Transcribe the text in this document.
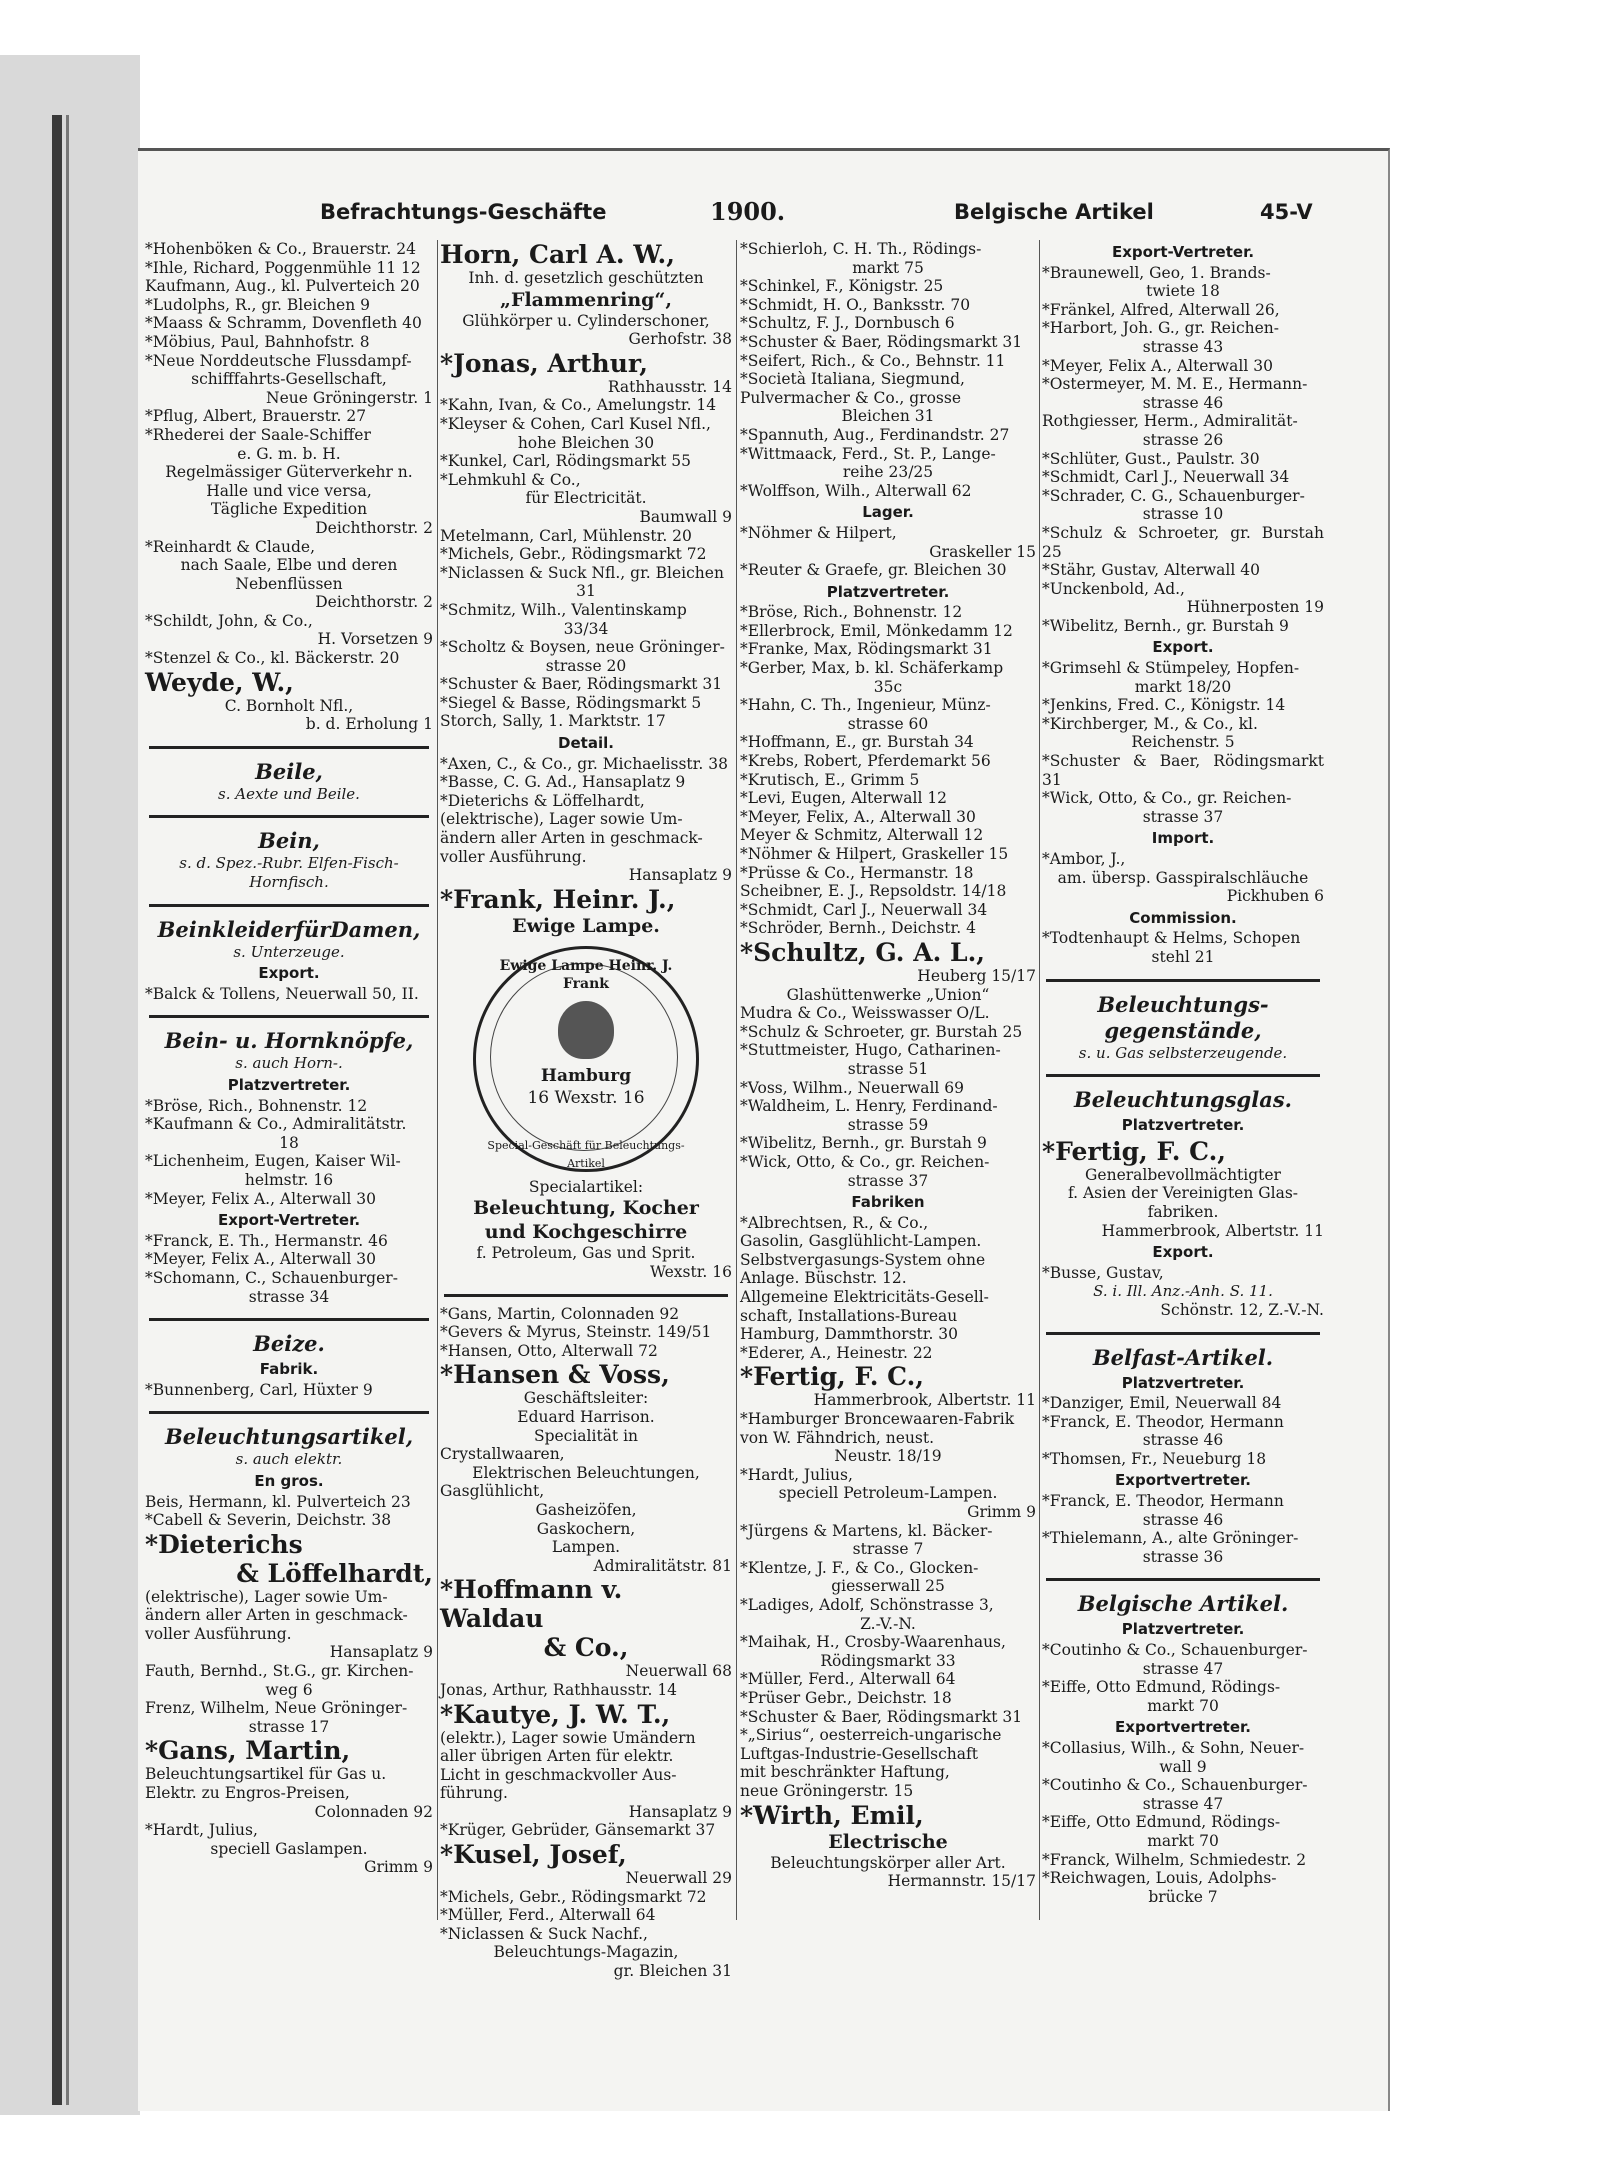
Befrachtungs-Geschäfte	1900.	Belgische Artikel	45-V
*Hohenböken & Co., Brauerstr. 24
*Ihle, Richard, Poggenmühle 11 12
Kaufmann, Aug., kl. Pulverteich 20
*Ludolphs, R., gr. Bleichen 9
*Maass & Schramm, Dovenfleth 40
*Möbius, Paul, Bahnhofstr. 8
*Neue Norddeutsche Flussdampf-
schifffahrts-Gesellschaft,
Neue Gröningerstr. 1
*Pflug, Albert, Brauerstr. 27
*Rhederei der Saale-Schiffer
e. G. m. b. H.
Regelmässiger Güterverkehr n.
Halle und vice versa,
Tägliche Expedition
Deichthorstr. 2
*Reinhardt & Claude,
nach Saale, Elbe und deren
Nebenflüssen
Deichthorstr. 2
*Schildt, John, & Co.,
H. Vorsetzen 9
*Stenzel & Co., kl. Bäckerstr. 20
Weyde, W.,
C. Bornholt Nfl.,
b. d. Erholung 1
Beile,
s. Aexte und Beile.
Bein,
s. d. Spez.-Rubr. Elfen-Fisch-
Hornfisch.
BeinkleiderfürDamen,
s. Unterzeuge.
Export.
*Balck & Tollens, Neuerwall 50, II.
Bein- u. Hornknöpfe,
s. auch Horn-.
Platzvertreter.
*Bröse, Rich., Bohnenstr. 12
*Kaufmann & Co., Admiralitätstr.
18
*Lichenheim, Eugen, Kaiser Wil-
helmstr. 16
*Meyer, Felix A., Alterwall 30
Export-Vertreter.
*Franck, E. Th., Hermanstr. 46
*Meyer, Felix A., Alterwall 30
*Schomann, C., Schauenburger-
strasse 34
Beize.
Fabrik.
*Bunnenberg, Carl, Hüxter 9
Beleuchtungsartikel,
s. auch elektr.
En gros.
Beis, Hermann, kl. Pulverteich 23
*Cabell & Severin, Deichstr. 38
*Dieterichs
& Löffelhardt,
(elektrische), Lager sowie Um-
ändern aller Arten in geschmack-
voller Ausführung.
Hansaplatz 9
Fauth, Bernhd., St.G., gr. Kirchen-
weg 6
Frenz, Wilhelm, Neue Gröninger-
strasse 17
*Gans, Martin,
Beleuchtungsartikel für Gas u.
Elektr. zu Engros-Preisen,
Colonnaden 92
*Hardt, Julius,
speciell Gaslampen.
Grimm 9
Horn, Carl A. W.,
Inh. d. gesetzlich geschützten
„Flammenring“,
Glühkörper u. Cylinderschoner,
Gerhofstr. 38
*Jonas, Arthur,
Rathhausstr. 14
*Kahn, Ivan, & Co., Amelungstr. 14
*Kleyser & Cohen, Carl Kusel Nfl.,
hohe Bleichen 30
*Kunkel, Carl, Rödingsmarkt 55
*Lehmkuhl & Co.,
für Electricität.
Baumwall 9
Metelmann, Carl, Mühlenstr. 20
*Michels, Gebr., Rödingsmarkt 72
*Niclassen & Suck Nfl., gr. Bleichen
31
*Schmitz, Wilh., Valentinskamp
33/34
*Scholtz & Boysen, neue Gröninger-
strasse 20
*Schuster & Baer, Rödingsmarkt 31
*Siegel & Basse, Rödingsmarkt 5
Storch, Sally, 1. Marktstr. 17
Detail.
*Axen, C., & Co., gr. Michaelisstr. 38
*Basse, C. G. Ad., Hansaplatz 9
*Dieterichs & Löffelhardt,
(elektrische), Lager sowie Um-
ändern aller Arten in geschmack-
voller Ausführung.
Hansaplatz 9
*Frank, Heinr. J.,
Ewige Lampe.
Ewige Lampe Heinr. J. Frank
Hamburg
16 Wexstr. 16
Special-Geschäft für Beleuchtungs-Artikel
Specialartikel:
Beleuchtung, Kocher
und Kochgeschirre
f. Petroleum, Gas und Sprit.
Wexstr. 16
*Gans, Martin, Colonnaden 92
*Gevers & Myrus, Steinstr. 149/51
*Hansen, Otto, Alterwall 72
*Hansen & Voss,
Geschäftsleiter:
Eduard Harrison.
Specialität in
Crystallwaaren,
Elektrischen Beleuchtungen,
Gasglühlicht,
Gasheizöfen,
Gaskochern,
Lampen.
Admiralitätstr. 81
*Hoffmann v. Waldau
& Co.,
Neuerwall 68
Jonas, Arthur, Rathhausstr. 14
*Kautye, J. W. T.,
(elektr.), Lager sowie Umändern
aller übrigen Arten für elektr.
Licht in geschmackvoller Aus-
führung.
Hansaplatz 9
*Krüger, Gebrüder, Gänsemarkt 37
*Kusel, Josef,
Neuerwall 29
*Michels, Gebr., Rödingsmarkt 72
*Müller, Ferd., Alterwall 64
*Niclassen & Suck Nachf.,
Beleuchtungs-Magazin,
gr. Bleichen 31
*Schierloh, C. H. Th., Rödings-
markt 75
*Schinkel, F., Königstr. 25
*Schmidt, H. O., Banksstr. 70
*Schultz, F. J., Dornbusch 6
*Schuster & Baer, Rödingsmarkt 31
*Seifert, Rich., & Co., Behnstr. 11
*Società Italiana, Siegmund,
Pulvermacher & Co., grosse
Bleichen 31
*Spannuth, Aug., Ferdinandstr. 27
*Wittmaack, Ferd., St. P., Lange-
reihe 23/25
*Wolffson, Wilh., Alterwall 62
Lager.
*Nöhmer & Hilpert,
Graskeller 15
*Reuter & Graefe, gr. Bleichen 30
Platzvertreter.
*Bröse, Rich., Bohnenstr. 12
*Ellerbrock, Emil, Mönkedamm 12
*Franke, Max, Rödingsmarkt 31
*Gerber, Max, b. kl. Schäferkamp
35c
*Hahn, C. Th., Ingenieur, Münz-
strasse 60
*Hoffmann, E., gr. Burstah 34
*Krebs, Robert, Pferdemarkt 56
*Krutisch, E., Grimm 5
*Levi, Eugen, Alterwall 12
*Meyer, Felix, A., Alterwall 30
Meyer & Schmitz, Alterwall 12
*Nöhmer & Hilpert, Graskeller 15
*Prüsse & Co., Hermanstr. 18
Scheibner, E. J., Repsoldstr. 14/18
*Schmidt, Carl J., Neuerwall 34
*Schröder, Bernh., Deichstr. 4
*Schultz, G. A. L.,
Heuberg 15/17
Glashüttenwerke „Union“
Mudra & Co., Weisswasser O/L.
*Schulz & Schroeter, gr. Burstah 25
*Stuttmeister, Hugo, Catharinen-
strasse 51
*Voss, Wilhm., Neuerwall 69
*Waldheim, L. Henry, Ferdinand-
strasse 59
*Wibelitz, Bernh., gr. Burstah 9
*Wick, Otto, & Co., gr. Reichen-
strasse 37
Fabriken
*Albrechtsen, R., & Co.,
Gasolin, Gasglühlicht-Lampen.
Selbstvergasungs-System ohne
Anlage. Büschstr. 12.
Allgemeine Elektricitäts-Gesell-
schaft, Installations-Bureau
Hamburg, Dammthorstr. 30
*Ederer, A., Heinestr. 22
*Fertig, F. C.,
Hammerbrook, Albertstr. 11
*Hamburger Broncewaaren-Fabrik
von W. Fähndrich, neust.
Neustr. 18/19
*Hardt, Julius,
speciell Petroleum-Lampen.
Grimm 9
*Jürgens & Martens, kl. Bäcker-
strasse 7
*Klentze, J. F., & Co., Glocken-
giesserwall 25
*Ladiges, Adolf, Schönstrasse 3,
Z.-V.-N.
*Maihak, H., Crosby-Waarenhaus,
Rödingsmarkt 33
*Müller, Ferd., Alterwall 64
*Prüser Gebr., Deichstr. 18
*Schuster & Baer, Rödingsmarkt 31
*„Sirius“, oesterreich-ungarische
Luftgas-Industrie-Gesellschaft
mit beschränkter Haftung,
neue Gröningerstr. 15
*Wirth, Emil,
Electrische
Beleuchtungskörper aller Art.
Hermannstr. 15/17
Export-Vertreter.
*Braunewell, Geo, 1. Brands-
twiete 18
*Fränkel, Alfred, Alterwall 26,
*Harbort, Joh. G., gr. Reichen-
strasse 43
*Meyer, Felix A., Alterwall 30
*Ostermeyer, M. M. E., Hermann-
strasse 46
Rothgiesser, Herm., Admiralität-
strasse 26
*Schlüter, Gust., Paulstr. 30
*Schmidt, Carl J., Neuerwall 34
*Schrader, C. G., Schauenburger-
strasse 10
*Schulz & Schroeter, gr. Burstah 25
*Stähr, Gustav, Alterwall 40
*Unckenbold, Ad.,
Hühnerposten 19
*Wibelitz, Bernh., gr. Burstah 9
Export.
*Grimsehl & Stümpeley, Hopfen-
markt 18/20
*Jenkins, Fred. C., Königstr. 14
*Kirchberger, M., & Co., kl.
Reichenstr. 5
*Schuster & Baer, Rödingsmarkt 31
*Wick, Otto, & Co., gr. Reichen-
strasse 37
Import.
*Ambor, J.,
am. übersp. Gasspiralschläuche
Pickhuben 6
Commission.
*Todtenhaupt & Helms, Schopen
stehl 21
Beleuchtungs-
gegenstände,
s. u. Gas selbsterzeugende.
Beleuchtungsglas.
Platzvertreter.
*Fertig, F. C.,
Generalbevollmächtigter
f. Asien der Vereinigten Glas-
fabriken.
Hammerbrook, Albertstr. 11
Export.
*Busse, Gustav,
S. i. Ill. Anz.-Anh. S. 11.
Schönstr. 12, Z.-V.-N.
Belfast-Artikel.
Platzvertreter.
*Danziger, Emil, Neuerwall 84
*Franck, E. Theodor, Hermann
strasse 46
*Thomsen, Fr., Neueburg 18
Exportvertreter.
*Franck, E. Theodor, Hermann
strasse 46
*Thielemann, A., alte Gröninger-
strasse 36
Belgische Artikel.
Platzvertreter.
*Coutinho & Co., Schauenburger-
strasse 47
*Eiffe, Otto Edmund, Rödings-
markt 70
Exportvertreter.
*Collasius, Wilh., & Sohn, Neuer-
wall 9
*Coutinho & Co., Schauenburger-
strasse 47
*Eiffe, Otto Edmund, Rödings-
markt 70
*Franck, Wilhelm, Schmiedestr. 2
*Reichwagen, Louis, Adolphs-
brücke 7
